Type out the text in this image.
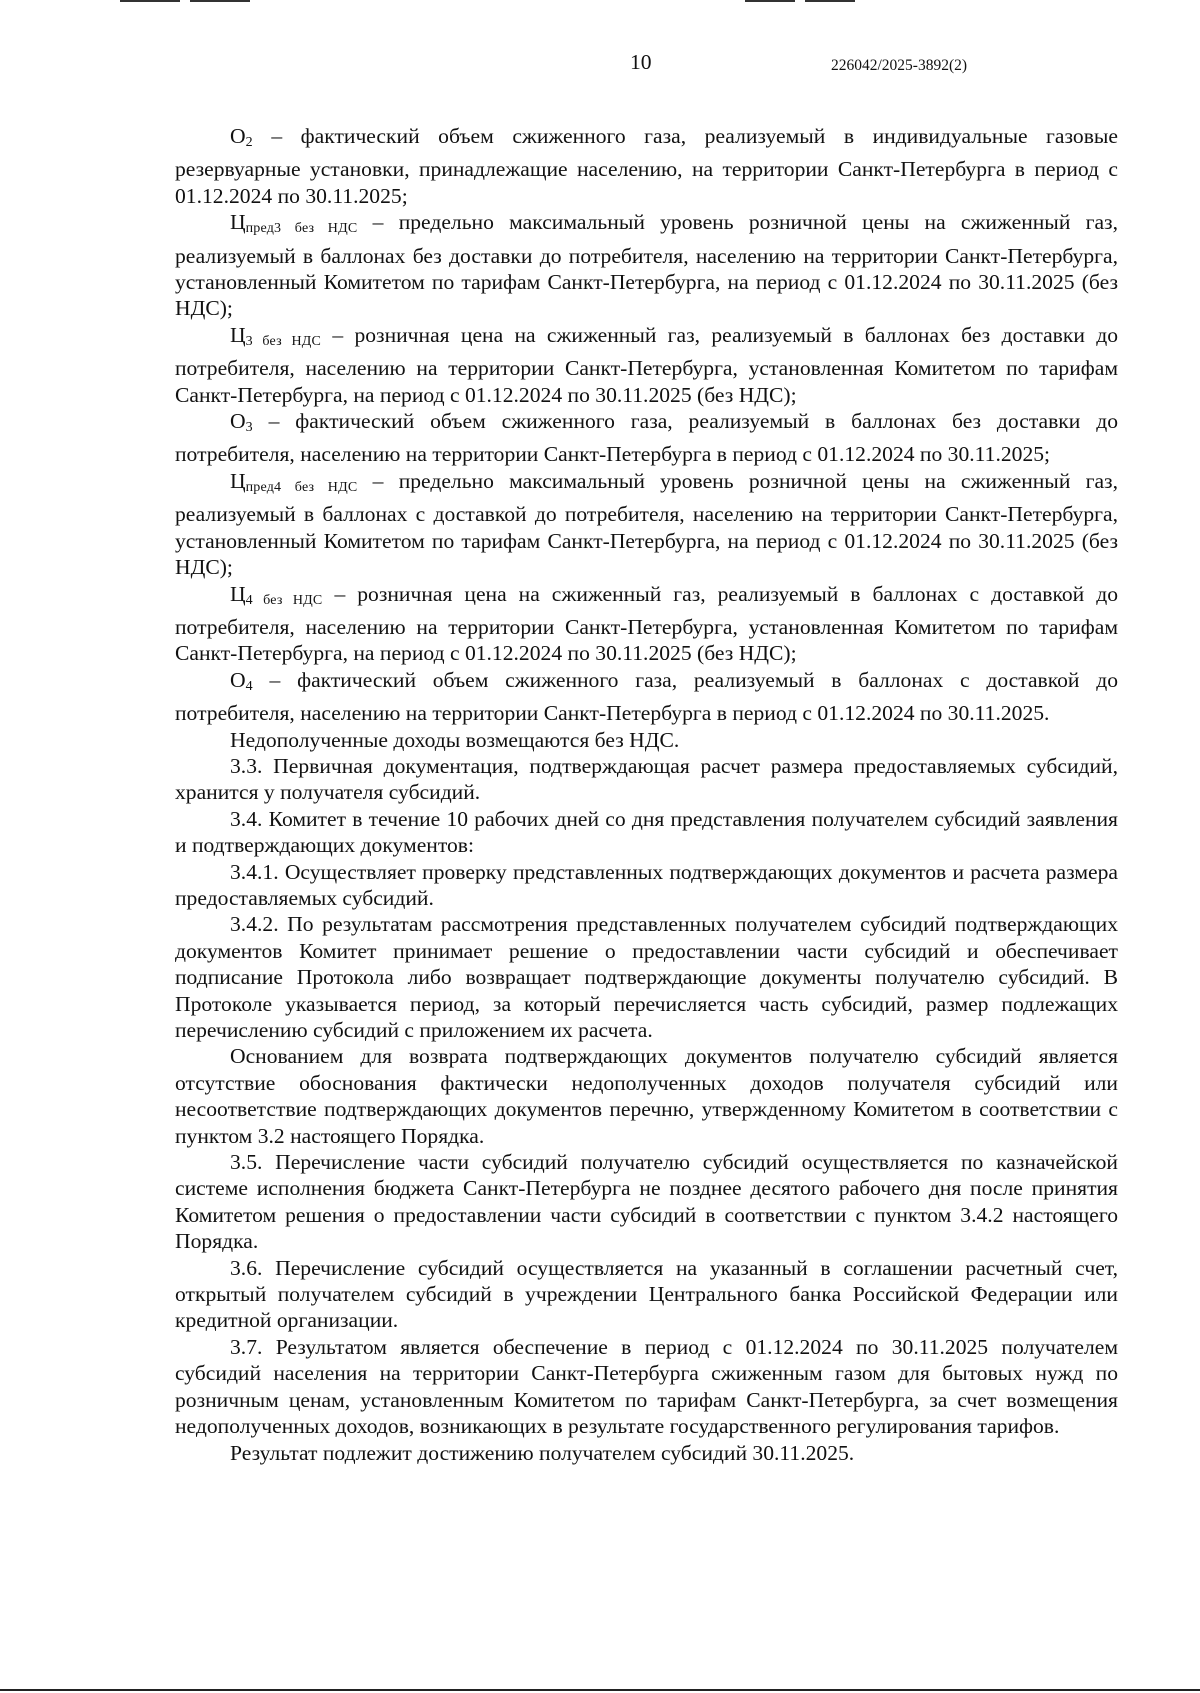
10	226042/2025-3892(2)

$О_2$ – фактический объем сжиженного газа, реализуемый в индивидуальные газовые резервуарные установки, принадлежащие населению, на территории Санкт-Петербурга в период с 01.12.2024 по 30.11.2025;

$Ц_{пред3 без НДС}$ – предельно максимальный уровень розничной цены на сжиженный газ, реализуемый в баллонах без доставки до потребителя, населению на территории Санкт-Петербурга, установленный Комитетом по тарифам Санкт-Петербурга, на период с 01.12.2024 по 30.11.2025 (без НДС);

$Ц_{3 без НДС}$ – розничная цена на сжиженный газ, реализуемый в баллонах без доставки до потребителя, населению на территории Санкт-Петербурга, установленная Комитетом по тарифам Санкт-Петербурга, на период с 01.12.2024 по 30.11.2025 (без НДС);

$О_3$ – фактический объем сжиженного газа, реализуемый в баллонах без доставки до потребителя, населению на территории Санкт-Петербурга в период с 01.12.2024 по 30.11.2025;

$Ц_{пред4 без НДС}$ – предельно максимальный уровень розничной цены на сжиженный газ, реализуемый в баллонах с доставкой до потребителя, населению на территории Санкт-Петербурга, установленный Комитетом по тарифам Санкт-Петербурга, на период с 01.12.2024 по 30.11.2025 (без НДС);

$Ц_{4 без НДС}$ – розничная цена на сжиженный газ, реализуемый в баллонах с доставкой до потребителя, населению на территории Санкт-Петербурга, установленная Комитетом по тарифам Санкт-Петербурга, на период с 01.12.2024 по 30.11.2025 (без НДС);

$О_4$ – фактический объем сжиженного газа, реализуемый в баллонах с доставкой до потребителя, населению на территории Санкт-Петербурга в период с 01.12.2024 по 30.11.2025.

Недополученные доходы возмещаются без НДС.

3.3. Первичная документация, подтверждающая расчет размера предоставляемых субсидий, хранится у получателя субсидий.

3.4. Комитет в течение 10 рабочих дней со дня представления получателем субсидий заявления и подтверждающих документов:

3.4.1. Осуществляет проверку представленных подтверждающих документов и расчета размера предоставляемых субсидий.

3.4.2. По результатам рассмотрения представленных получателем субсидий подтверждающих документов Комитет принимает решение о предоставлении части субсидий и обеспечивает подписание Протокола либо возвращает подтверждающие документы получателю субсидий. В Протоколе указывается период, за который перечисляется часть субсидий, размер подлежащих перечислению субсидий с приложением их расчета.

Основанием для возврата подтверждающих документов получателю субсидий является отсутствие обоснования фактически недополученных доходов получателя субсидий или несоответствие подтверждающих документов перечню, утвержденному Комитетом в соответствии с пунктом 3.2 настоящего Порядка.

3.5. Перечисление части субсидий получателю субсидий осуществляется по казначейской системе исполнения бюджета Санкт-Петербурга не позднее десятого рабочего дня после принятия Комитетом решения о предоставлении части субсидий в соответствии с пунктом 3.4.2 настоящего Порядка.

3.6. Перечисление субсидий осуществляется на указанный в соглашении расчетный счет, открытый получателем субсидий в учреждении Центрального банка Российской Федерации или кредитной организации.

3.7. Результатом является обеспечение в период с 01.12.2024 по 30.11.2025 получателем субсидий населения на территории Санкт-Петербурга сжиженным газом для бытовых нужд по розничным ценам, установленным Комитетом по тарифам Санкт-Петербурга, за счет возмещения недополученных доходов, возникающих в результате государственного регулирования тарифов.

Результат подлежит достижению получателем субсидий 30.11.2025.
